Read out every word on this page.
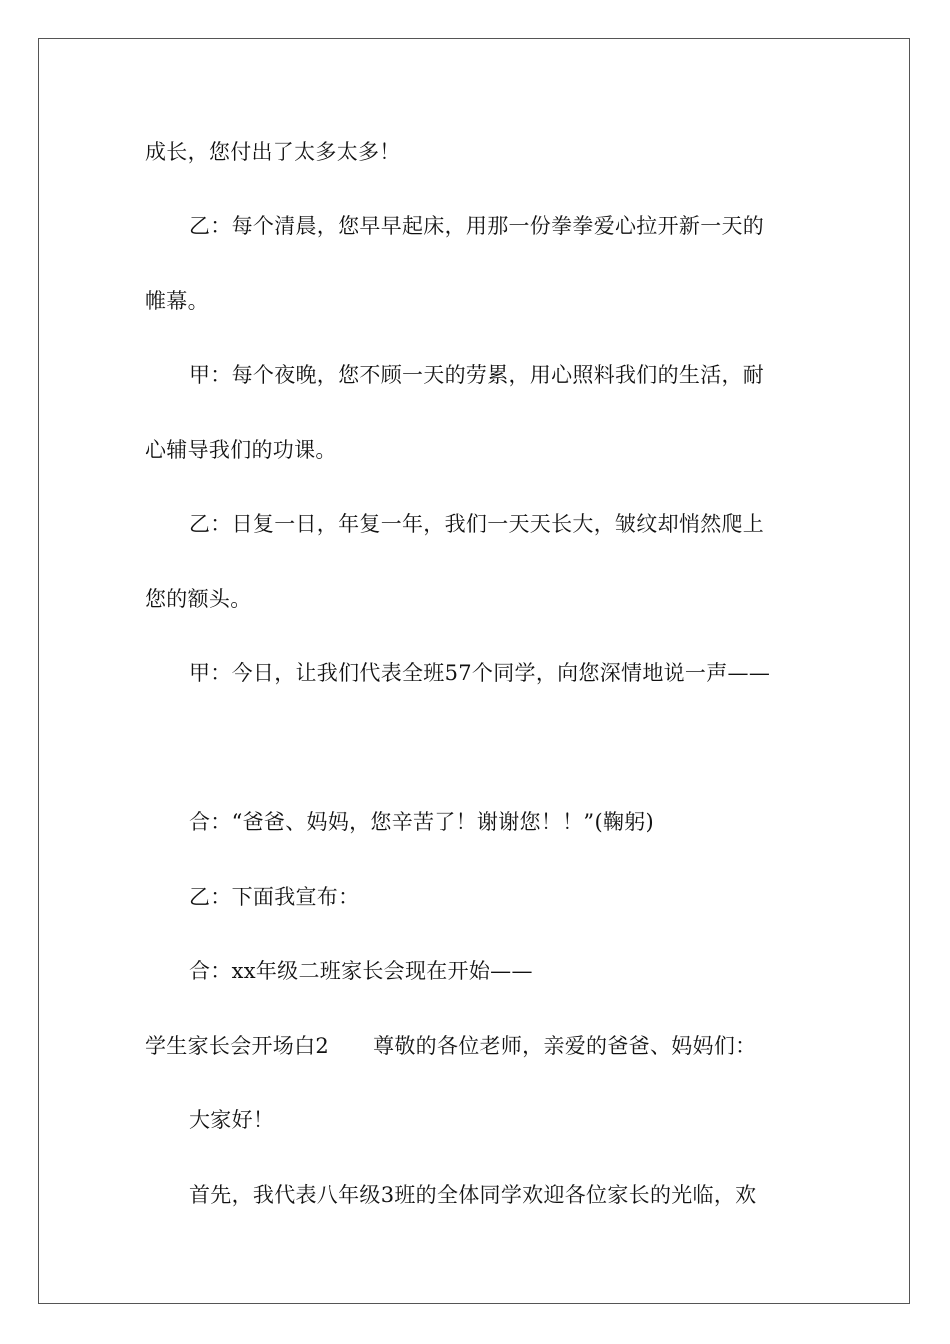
成长，您付出了太多太多！
乙：每个清晨，您早早起床，用那一份拳拳爱心拉开新一天的
帷幕。
甲：每个夜晚，您不顾一天的劳累，用心照料我们的生活，耐
心辅导我们的功课。
乙：日复一日，年复一年，我们一天天长大，皱纹却悄然爬上
您的额头。
甲：今日，让我们代表全班57个同学，向您深情地说一声——
合：“爸爸、妈妈，您辛苦了！谢谢您！！”(鞠躬)
乙：下面我宣布：
合：xx年级二班家长会现在开始——
学生家长会开场白2 尊敬的各位老师，亲爱的爸爸、妈妈们：
大家好！
首先，我代表八年级3班的全体同学欢迎各位家长的光临，欢
